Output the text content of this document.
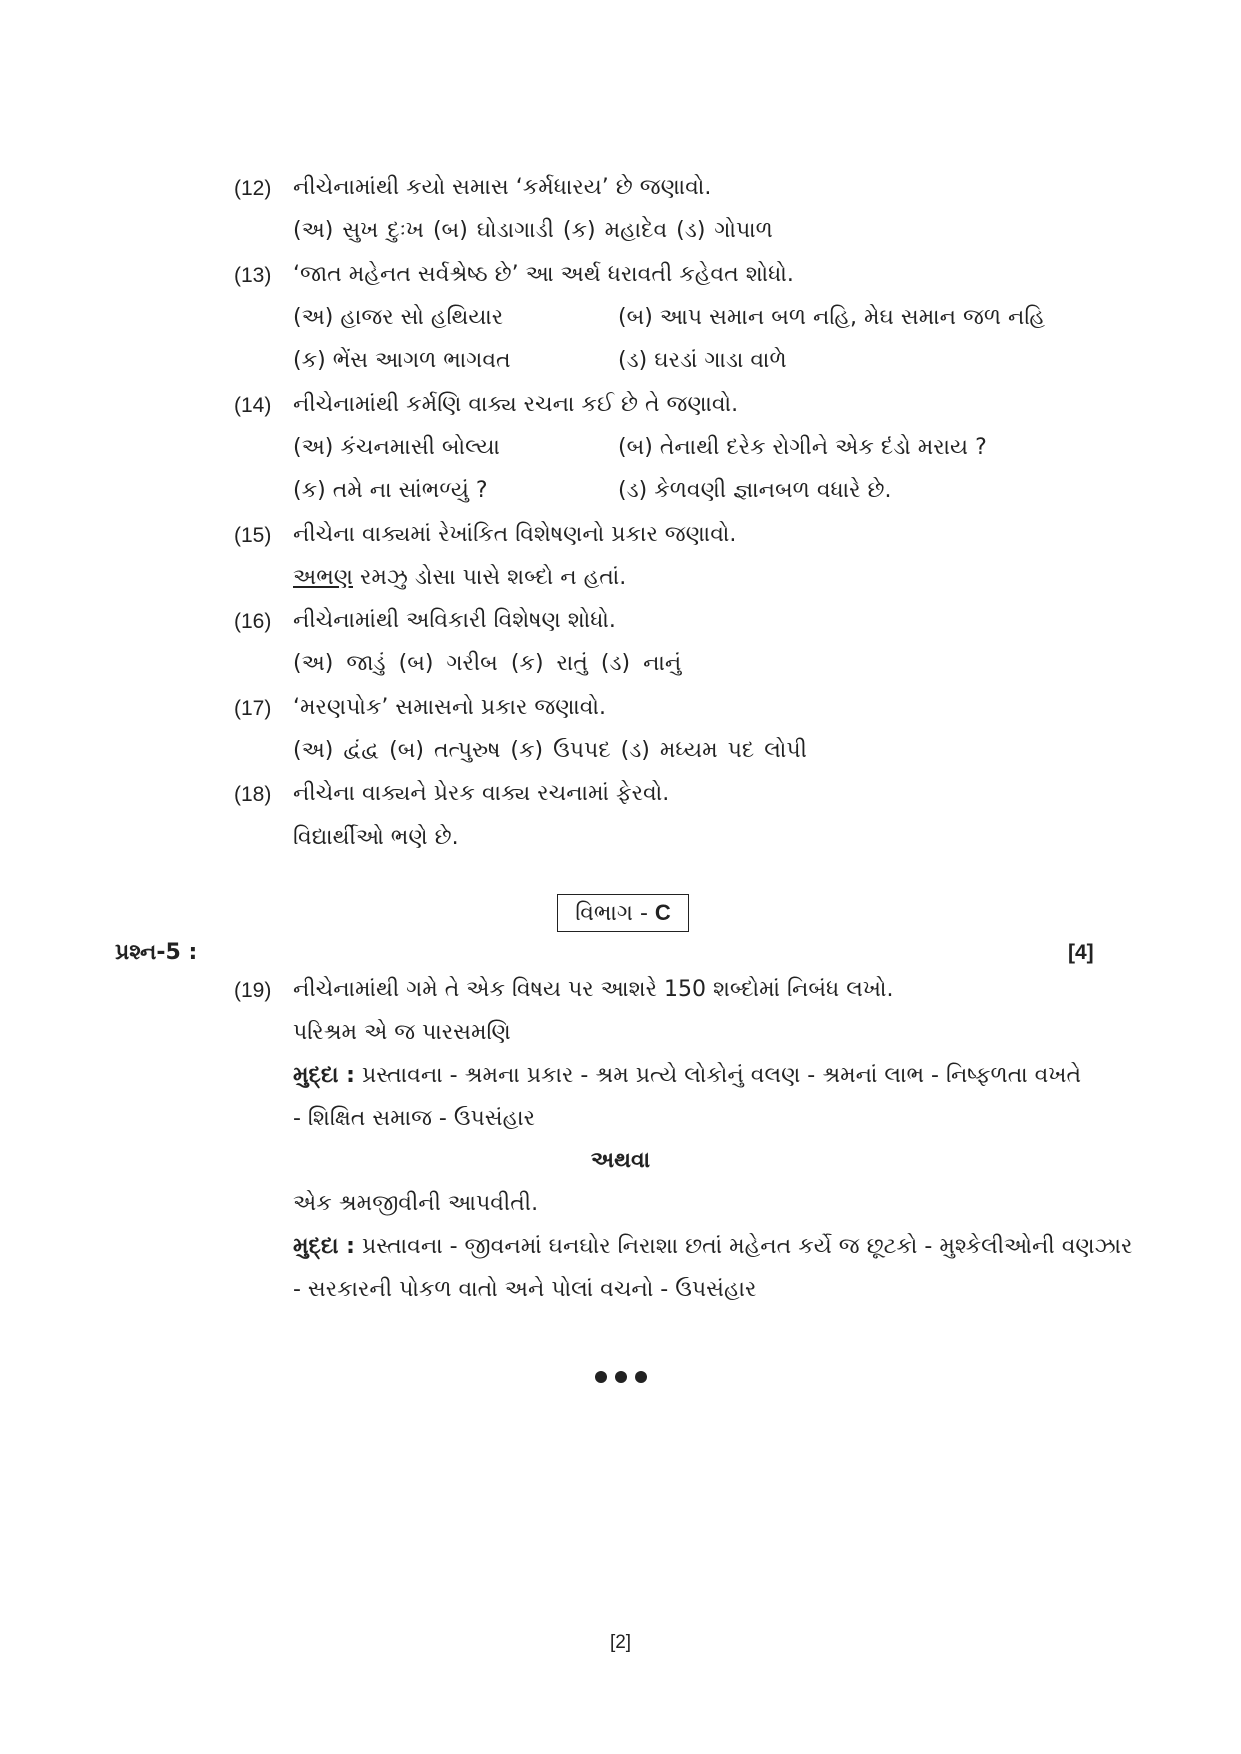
(12) નીચેનામાંથી કયો સમાસ ‘કર્મધારય’ છે જણાવો.
(અ) સુખ દુઃખ (બ) ઘોડાગાડી (ક) મહાદેવ (ડ) ગોપાળ
(13) ‘જાત મહેનત સર્વશ્રેષ્ઠ છે’ આ અર્થ ધરાવતી કહેવત શોધો.
(અ) હાજર સો હથિયાર	(બ) આપ સમાન બળ નહિ, મેઘ સમાન જળ નહિ
(ક) ભેંસ આગળ ભાગવત	(ડ) ઘરડાં ગાડા વાળે
(14) નીચેનામાંથી કર્મણિ વાક્ય રચના કઈ છે તે જણાવો.
(અ) કંચનમાસી બોલ્યા	(બ) તેનાથી દરેક રોગીને એક દંડો મરાય ?
(ક) તમે ના સાંભળ્યું ?	(ડ) કેળવણી જ્ઞાનબળ વધારે છે.
(15) નીચેના વાક્યમાં રેખાંકિત વિશેષણનો પ્રકાર જણાવો.
અભણ રમઝુ ડોસા પાસે શબ્દો ન હતાં.
(16) નીચેનામાંથી અવિકારી વિશેષણ શોધો.
(અ) જાડું (બ) ગરીબ (ક) રાતું (ડ) નાનું
(17) ‘મરણપોક’ સમાસનો પ્રકાર જણાવો.
(અ) દ્વંદ્વ (બ) તત્પુરુષ (ક) ઉપપદ (ડ) મધ્યમ પદ લોપી
(18) નીચેના વાક્યને પ્રેરક વાક્ય રચનામાં ફેરવો.
વિદ્યાર્થીઓ ભણે છે.
વિભાગ - C
પ્રશ્ન-5 :	[4]
(19) નીચેનામાંથી ગમે તે એક વિષય પર આશરે 150 શબ્દોમાં નિબંધ લખો.
પરિશ્રમ એ જ પારસમણિ
મુદ્દા : પ્રસ્તાવના - શ્રમના પ્રકાર - શ્રમ પ્રત્યે લોકોનું વલણ - શ્રમનાં લાભ - નિષ્ફળતા વખતે
- શિક્ષિત સમાજ - ઉપસંહાર
અથવા
એક શ્રમજીવીની આપવીતી.
મુદ્દા : પ્રસ્તાવના - જીવનમાં ઘનઘોર નિરાશા છતાં મહેનત કર્યે જ છૂટકો - મુશ્કેલીઓની વણઝાર
- સરકારની પોકળ વાતો અને પોલાં વચનો - ઉપસંહાર
[2]
